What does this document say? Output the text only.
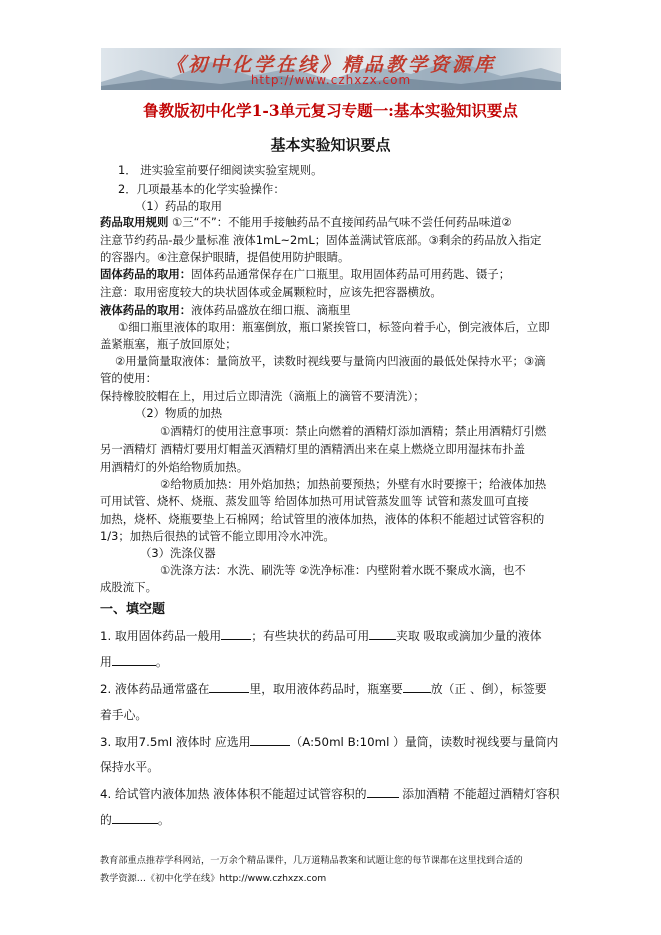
《初中化学在线》精品教学资源库
http://www.czhxzx.com
鲁教版初中化学1-3单元复习专题一:基本实验知识要点
基本实验知识要点
1． 进实验室前要仔细阅读实验室规则。
2．几项最基本的化学实验操作：
（1）药品的取用
药品取用规则 ①三“不”：不能用手接触药品不直接闻药品气味不尝任何药品味道②
注意节约药品-最少量标准 液体1mL~2mL；固体盖满试管底部。③剩余的药品放入指定
的容器内。④注意保护眼睛，提倡使用防护眼睛。
固体药品的取用：固体药品通常保存在广口瓶里。取用固体药品可用药匙、镊子；
注意：取用密度较大的块状固体或金属颗粒时，应该先把容器横放。
液体药品的取用：液体药品盛放在细口瓶、滴瓶里
①细口瓶里液体的取用：瓶塞倒放，瓶口紧挨管口，标签向着手心，倒完液体后，立即
盖紧瓶塞，瓶子放回原处；
②用量筒量取液体：量筒放平，读数时视线要与量筒内凹液面的最低处保持水平；③滴
管的使用：
保持橡胶胶帽在上，用过后立即清洗（滴瓶上的滴管不要清洗）；
（2）物质的加热
①酒精灯的使用注意事项：禁止向燃着的酒精灯添加酒精；禁止用酒精灯引燃
另一酒精灯 酒精灯要用灯帽盖灭酒精灯里的酒精洒出来在桌上燃烧立即用湿抹布扑盖
用酒精灯的外焰给物质加热。
②给物质加热：用外焰加热；加热前要预热；外壁有水时要擦干；给液体加热
可用试管、烧杯、烧瓶、蒸发皿等 给固体加热可用试管蒸发皿等 试管和蒸发皿可直接
加热，烧杯、烧瓶要垫上石棉网；给试管里的液体加热，液体的体积不能超过试管容积的
1/3；加热后很热的试管不能立即用冷水冲洗。
（3）洗涤仪器
①洗涤方法：水洗、刷洗等 ②洗净标准：内壁附着水既不聚成水滴，也不
成股流下。
一、填空题
1. 取用固体药品一般用	；有些块状的药品可用 夹取 吸取或滴加少量的液体
用	。
2. 液体药品通常盛在	里，取用液体药品时，瓶塞要 放（正 、倒），标签要
着手心。
3. 取用7.5ml 液体时 应选用	（A:50ml B:10ml ）量筒，读数时视线要与量筒内
保持水平。
4. 给试管内液体加热 液体体积不能超过试管容积的	添加酒精 不能超过酒精灯容积
的	。
教育部重点推荐学科网站，一万余个精品课件，几万道精品教案和试题让您的每节课都在这里找到合适的
教学资源…《初中化学在线》http://www.czhxzx.com
